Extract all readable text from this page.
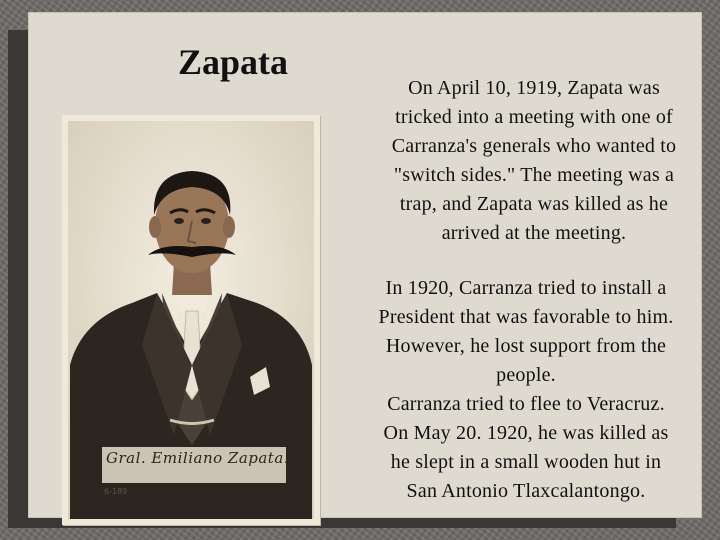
Zapata
Gral. Emiliano Zapata.
6-189
On April 10, 1919, Zapata was
tricked into a meeting with one of
Carranza's generals who wanted to
"switch sides." The meeting was a
trap, and Zapata was killed as he
arrived at the meeting.
In 1920, Carranza tried to install a
President that was favorable to him.
However, he lost support from the
people.
Carranza tried to flee to Veracruz.
On May 20. 1920, he was killed as
he slept in a small wooden hut in
San Antonio Tlaxcalantongo.
